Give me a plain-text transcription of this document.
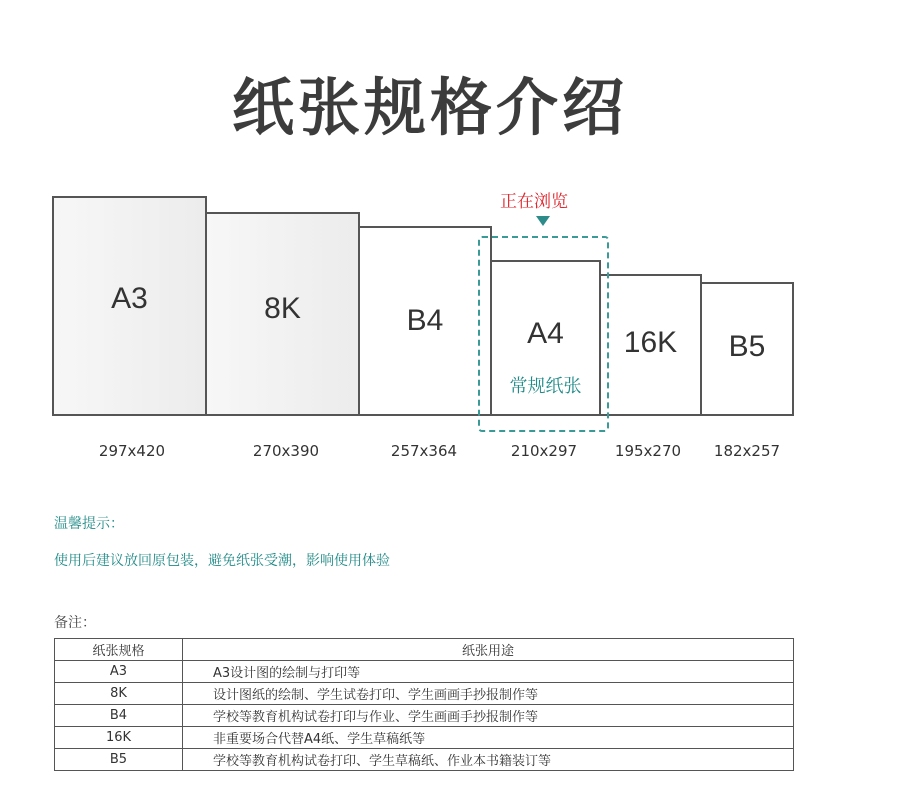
纸张规格介绍
A3	8K	B4	A4
常规纸张
16K	B5
正在浏览
297x420	270x390	257x364	210x297	195x270	182x257
温馨提示：
使用后建议放回原包装，避免纸张受潮，影响使用体验
备注：
纸张规格	纸张用途
A3	A3设计图的绘制与打印等
8K	设计图纸的绘制、学生试卷打印、学生画画手抄报制作等
B4	学校等教育机构试卷打印与作业、学生画画手抄报制作等
16K	非重要场合代替A4纸、学生草稿纸等
B5	学校等教育机构试卷打印、学生草稿纸、作业本书籍装订等
